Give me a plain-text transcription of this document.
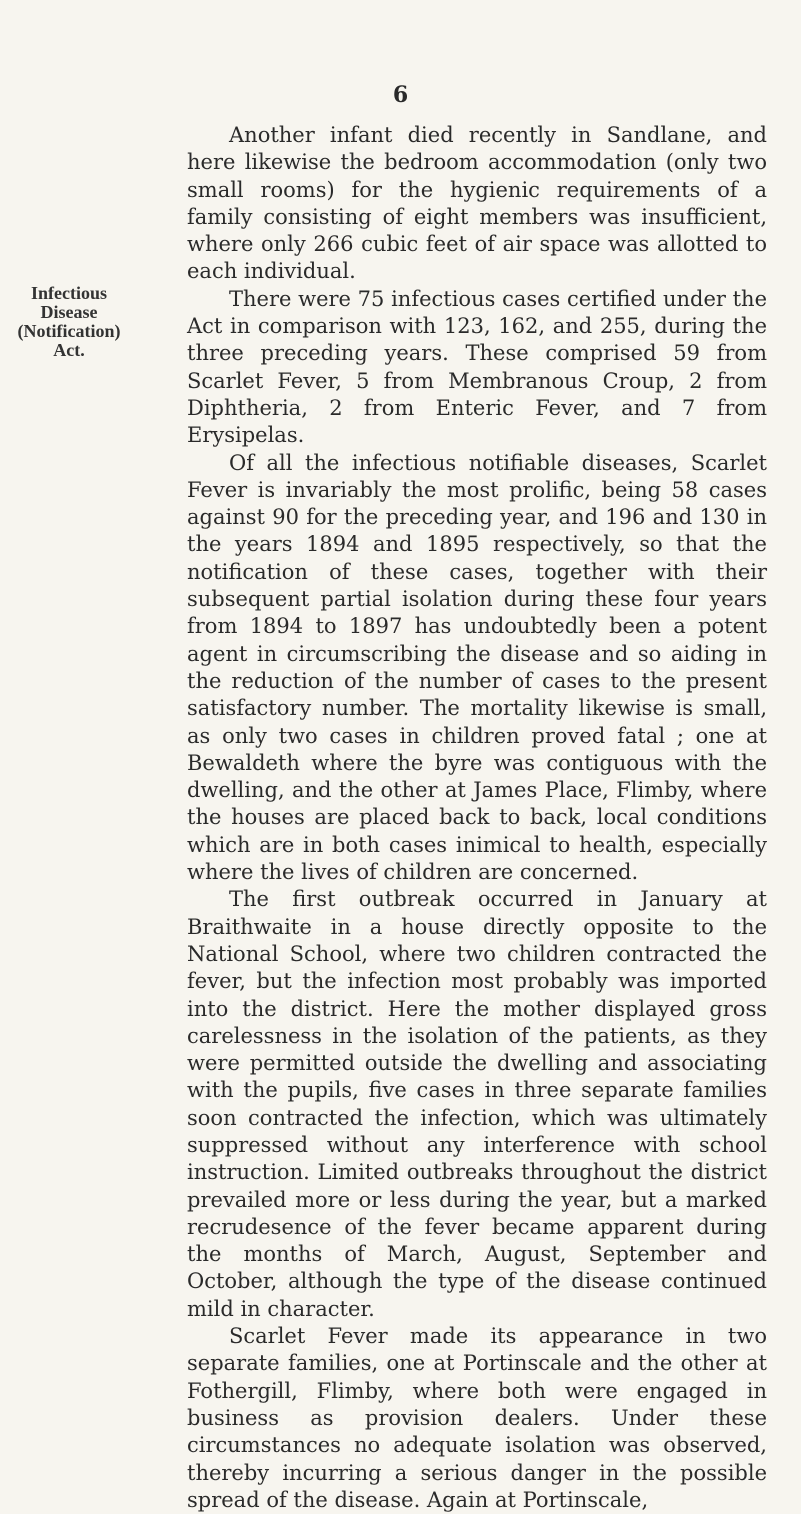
6
Infectious
Disease
(Notification)
Act.

Another infant died recently in Sandlane, and here likewise the bedroom accommodation (only two small rooms) for the hygienic requirements of a family consisting of eight members was insufficient, where only 266 cubic feet of air space was allotted to each individual.

There were 75 infectious cases certified under the Act in comparison with 123, 162, and 255, during the three preceding years. These comprised 59 from Scarlet Fever, 5 from Membranous Croup, 2 from Diphtheria, 2 from Enteric Fever, and 7 from Erysipelas.

Of all the infectious notifiable diseases, Scarlet Fever is invariably the most prolific, being 58 cases against 90 for the preceding year, and 196 and 130 in the years 1894 and 1895 respectively, so that the notification of these cases, together with their subsequent partial isolation during these four years from 1894 to 1897 has undoubtedly been a potent agent in circumscribing the disease and so aiding in the reduction of the number of cases to the present satisfactory number. The mortality likewise is small, as only two cases in children proved fatal ; one at Bewaldeth where the byre was contiguous with the dwelling, and the other at James Place, Flimby, where the houses are placed back to back, local conditions which are in both cases inimical to health, especially where the lives of children are concerned.

The first outbreak occurred in January at Braithwaite in a house directly opposite to the National School, where two children contracted the fever, but the infection most probably was imported into the district. Here the mother displayed gross carelessness in the isolation of the patients, as they were permitted outside the dwelling and associating with the pupils, five cases in three separate families soon contracted the infection, which was ultimately suppressed without any interference with school instruction. Limited outbreaks throughout the district prevailed more or less during the year, but a marked recrudesence of the fever became apparent during the months of March, August, September and October, although the type of the disease continued mild in character.

Scarlet Fever made its appearance in two separate families, one at Portinscale and the other at Fothergill, Flimby, where both were engaged in business as provision dealers. Under these circumstances no adequate isolation was observed, thereby incurring a serious danger in the possible spread of the disease. Again at Portinscale,
